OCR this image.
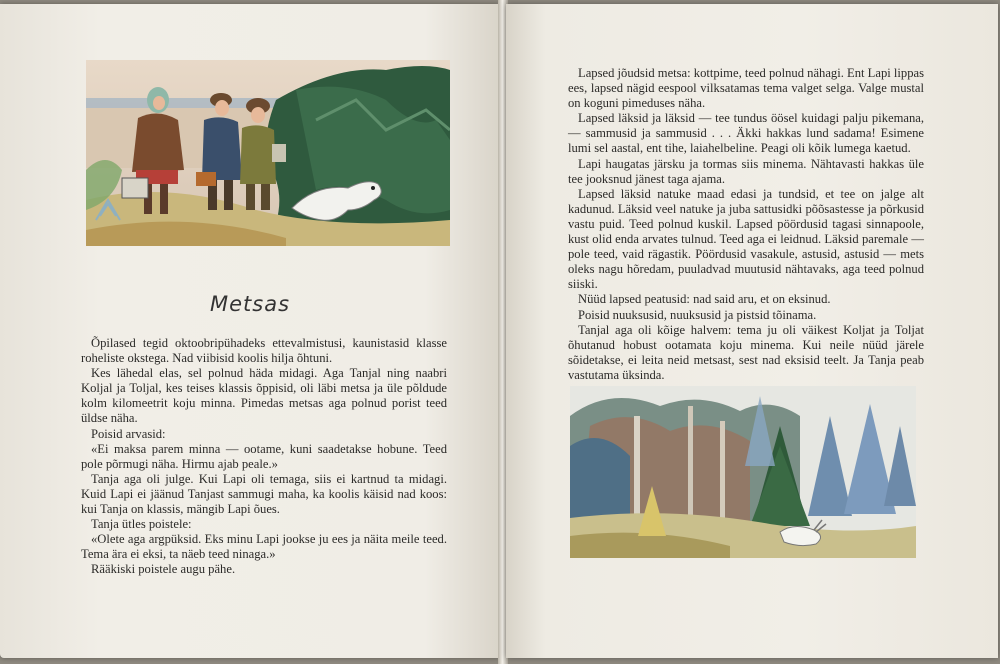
Metsas

Õpilased tegid oktoobripühadeks ettevalmistusi, kaunistasid klasse roheliste okstega. Nad viibisid koolis hilja õhtuni.

Kes lähedal elas, sel polnud häda midagi. Aga Tanjal ning naabri Koljal ja Toljal, kes teises klassis õppisid, oli läbi metsa ja üle põldude kolm kilomeetrit koju minna. Pimedas metsas aga polnud porist teed üldse näha.

Poisid arvasid:

«Ei maksa parem minna — ootame, kuni saadetakse hobune. Teed pole põrmugi näha. Hirmu ajab peale.»

Tanja aga oli julge. Kui Lapi oli temaga, siis ei kartnud ta midagi. Kuid Lapi ei jäänud Tanjast sammugi maha, ka koolis käisid nad koos: kui Tanja on klassis, mängib Lapi õues.

Tanja ütles poistele:

«Olete aga argpüksid. Eks minu Lapi jookse ju ees ja näita meile teed. Tema ära ei eksi, ta näeb teed ninaga.»

Rääkiski poistele augu pähe.

Lapsed jõudsid metsa: kottpime, teed polnud nähagi. Ent Lapi lippas ees, lapsed nägid eespool vilksatamas tema valget selga. Valge mustal on koguni pimeduses näha.

Lapsed läksid ja läksid — tee tundus öösel kuidagi palju pikemana, — sammusid ja sammusid . . . Äkki hakkas lund sadama! Esimene lumi sel aastal, ent tihe, laiahelbeline. Peagi oli kõik lumega kaetud.

Lapi haugatas järsku ja tormas siis minema. Nähtavasti hakkas üle tee jooksnud jänest taga ajama.

Lapsed läksid natuke maad edasi ja tundsid, et tee on jalge alt kadunud. Läksid veel natuke ja juba sattusidki põõsastesse ja põrkusid vastu puid. Teed polnud kuskil. Lapsed pöördusid tagasi sinnapoole, kust olid enda arvates tulnud. Teed aga ei leidnud. Läksid paremale — pole teed, vaid rägastik. Pöördusid vasakule, astusid, astusid — mets oleks nagu hõredam, puuladvad muutusid nähtavaks, aga teed polnud siiski.

Nüüd lapsed peatusid: nad said aru, et on eksinud.

Poisid nuuksusid, nuuksusid ja pistsid tõinama.

Tanjal aga oli kõige halvem: tema ju oli väikest Koljat ja Toljat õhutanud hobust ootamata koju minema. Kui neile nüüd järele sõidetakse, ei leita neid metsast, sest nad eksisid teelt. Ja Tanja peab vastutama üksinda.
